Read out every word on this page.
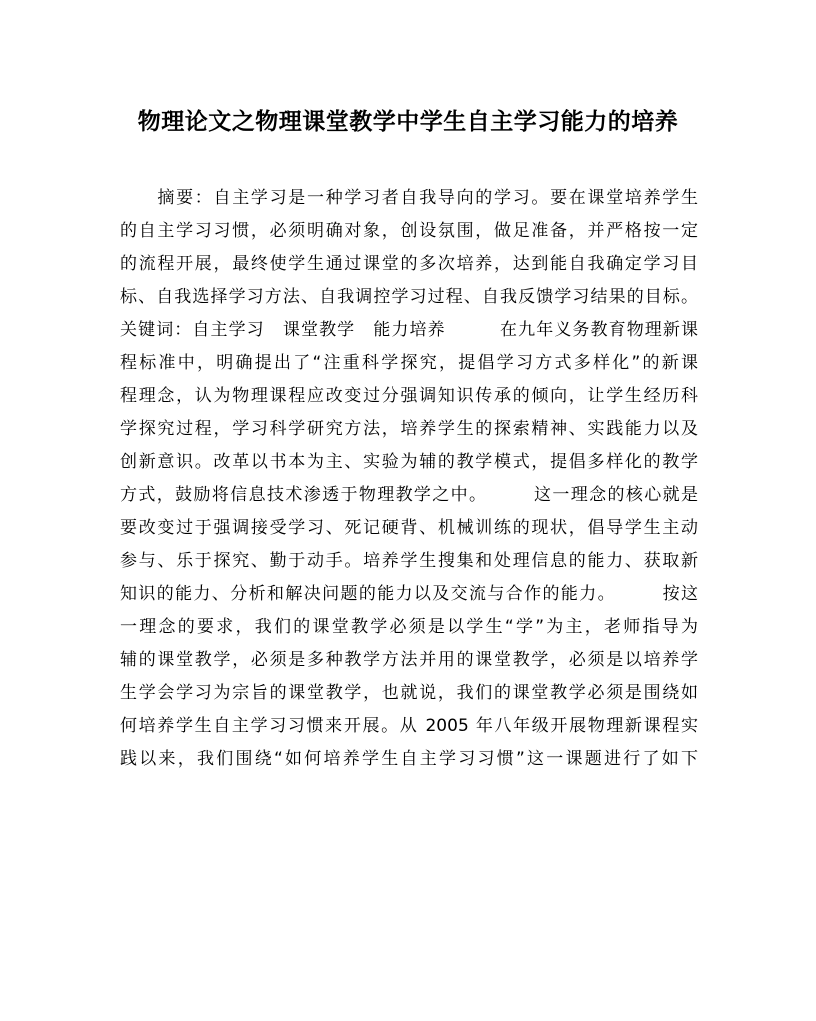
物理论文之物理课堂教学中学生自主学习能力的培养
　　摘要：自主学习是一种学习者自我导向的学习。要在课堂培养学生
的自主学习习惯，必须明确对象，创设氛围，做足准备，并严格按一定
的流程开展，最终使学生通过课堂的多次培养，达到能自我确定学习目
标、自我选择学习方法、自我调控学习过程、自我反馈学习结果的目标。
关键词：自主学习　课堂教学　能力培养　　　在九年义务教育物理新课
程标准中，明确提出了“注重科学探究，提倡学习方式多样化”的新课
程理念，认为物理课程应改变过分强调知识传承的倾向，让学生经历科
学探究过程，学习科学研究方法，培养学生的探索精神、实践能力以及
创新意识。改革以书本为主、实验为辅的教学模式，提倡多样化的教学
方式，鼓励将信息技术渗透于物理教学之中。　　　这一理念的核心就是
要改变过于强调接受学习、死记硬背、机械训练的现状，倡导学生主动
参与、乐于探究、勤于动手。培养学生搜集和处理信息的能力、获取新
知识的能力、分析和解决问题的能力以及交流与合作的能力。　　　按这
一理念的要求，我们的课堂教学必须是以学生“学”为主，老师指导为
辅的课堂教学，必须是多种教学方法并用的课堂教学，必须是以培养学
生学会学习为宗旨的课堂教学，也就说，我们的课堂教学必须是围绕如
何培养学生自主学习习惯来开展。从 2005 年八年级开展物理新课程实
践以来，我们围绕“如何培养学生自主学习习惯”这一课题进行了如下
